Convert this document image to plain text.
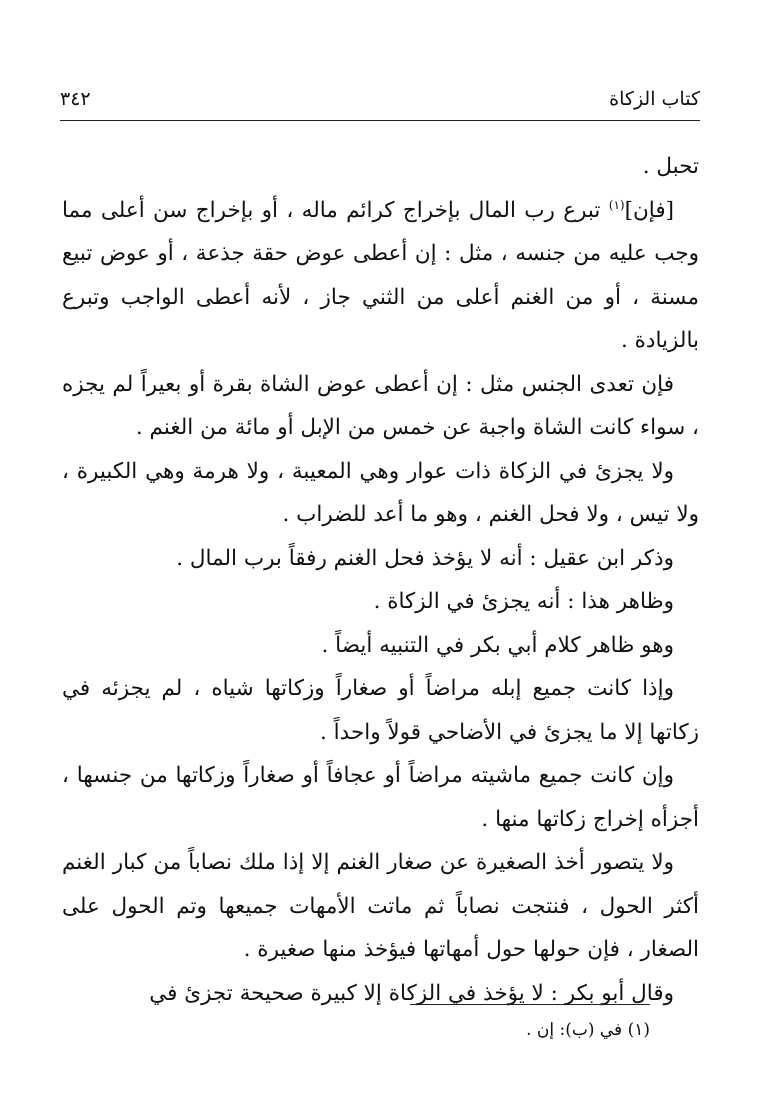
كتاب الزكاة
٣٤٢

تحبل .

[فإن]$^{(١)}$ تبرع رب المال بإخراج كرائم ماله ، أو بإخراج سن أعلى مما وجب عليه من جنسه ، مثل : إن أعطى عوض حقة جذعة ، أو عوض تبيع مسنة ، أو من الغنم أعلى من الثني جاز ، لأنه أعطى الواجب وتبرع بالزيادة .

فإن تعدى الجنس مثل : إن أعطى عوض الشاة بقرة أو بعيراً لم يجزه ، سواء كانت الشاة واجبة عن خمس من الإبل أو مائة من الغنم .

ولا يجزئ في الزكاة ذات عوار وهي المعيبة ، ولا هرمة وهي الكبيرة ، ولا تيس ، ولا فحل الغنم ، وهو ما أعد للضراب .

وذكر ابن عقيل : أنه لا يؤخذ فحل الغنم رفقاً برب المال .

وظاهر هذا : أنه يجزئ في الزكاة .

وهو ظاهر كلام أبي بكر في التنبيه أيضاً .

وإذا كانت جميع إبله مراضاً أو صغاراً وزكاتها شياه ، لم يجزئه في زكاتها إلا ما يجزئ في الأضاحي قولاً واحداً .

وإن كانت جميع ماشيته مراضاً أو عجافاً أو صغاراً وزكاتها من جنسها ، أجزأه إخراج زكاتها منها .

ولا يتصور أخذ الصغيرة عن صغار الغنم إلا إذا ملك نصاباً من كبار الغنم أكثر الحول ، فنتجت نصاباً ثم ماتت الأمهات جميعها وتم الحول على الصغار ، فإن حولها حول أمهاتها فيؤخذ منها صغيرة .

وقال أبو بكر : لا يؤخذ في الزكاة إلا كبيرة صحيحة تجزئ في

(١) في (ب): إن .
